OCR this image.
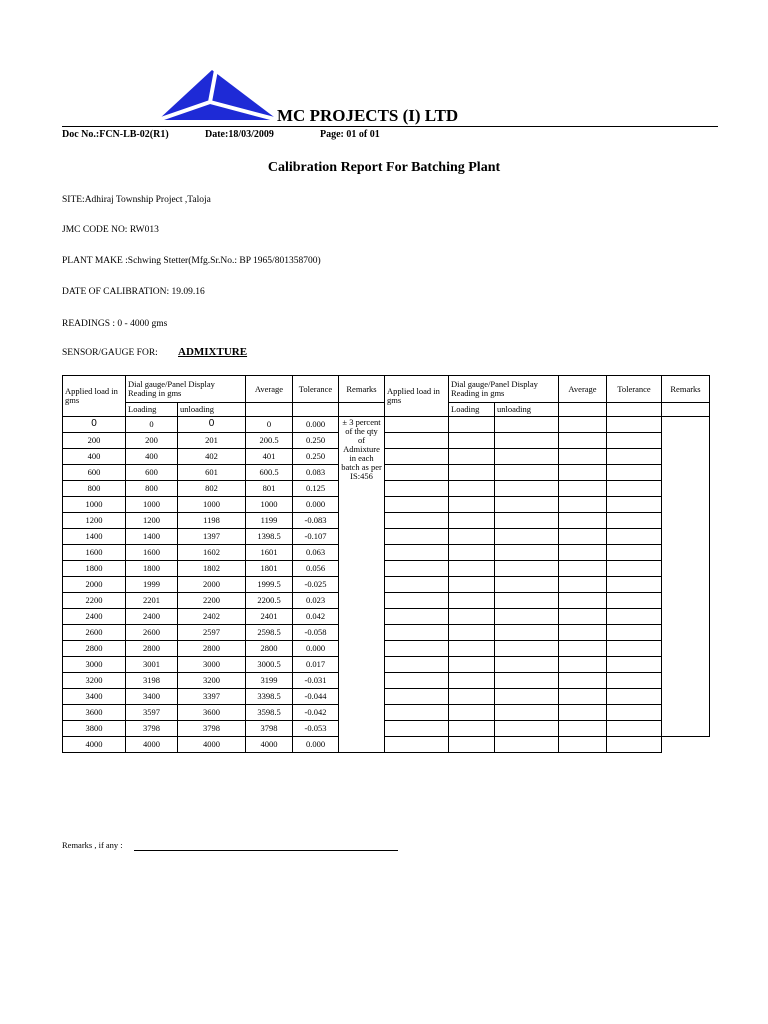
MC PROJECTS (I) LTD
Doc No.:FCN-LB-02(R1)	Date:18/03/2009	Page: 01 of 01
Calibration Report For Batching Plant
SITE:Adhiraj Township Project ,Taloja
JMC CODE NO: RW013
PLANT MAKE :Schwing Stetter(Mfg.Sr.No.: BP 1965/801358700)
DATE OF CALIBRATION: 19.09.16
READINGS : 0 - 4000 gms
SENSOR/GAUGE FOR: ADMIXTURE
Applied load in gms	Dial gauge/Panel Display Reading in gms		Average	Tolerance	Remarks	Applied load in gms	Dial gauge/Panel Display Reading in gms		Average	Tolerance	Remarks
	Loading	unloading					Loading	unloading			
0	0	0	0	0.000	± 3 percent of the qty of Admixture in each batch as per IS:456						
200	200	201	200.5	0.250							
400	400	402	401	0.250							
600	600	601	600.5	0.083							
800	800	802	801	0.125							
1000	1000	1000	1000	0.000							
1200	1200	1198	1199	-0.083							
1400	1400	1397	1398.5	-0.107							
1600	1600	1602	1601	0.063							
1800	1800	1802	1801	0.056							
2000	1999	2000	1999.5	-0.025							
2200	2201	2200	2200.5	0.023							
2400	2400	2402	2401	0.042							
2600	2600	2597	2598.5	-0.058							
2800	2800	2800	2800	0.000							
3000	3001	3000	3000.5	0.017							
3200	3198	3200	3199	-0.031							
3400	3400	3397	3398.5	-0.044							
3600	3597	3600	3598.5	-0.042							
3800	3798	3798	3798	-0.053							
4000	4000	4000	4000	0.000							
Remarks , if any :
